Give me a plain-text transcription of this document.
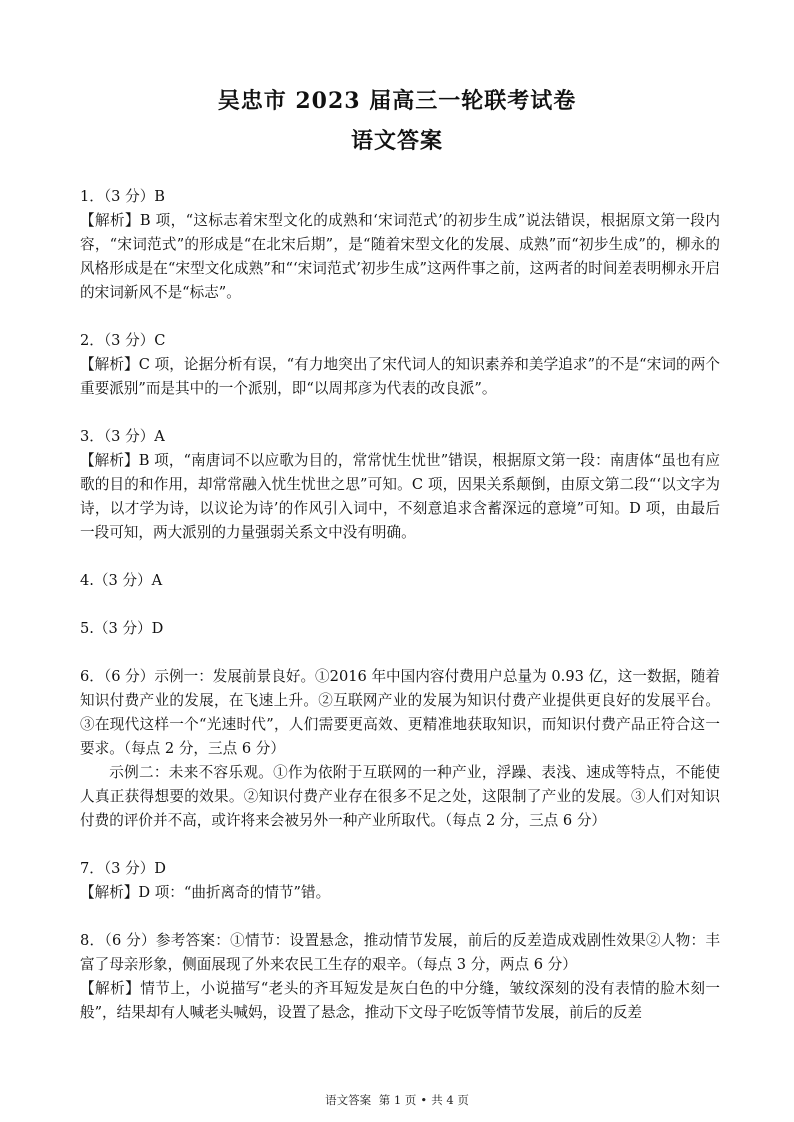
吴忠市 2023 届高三一轮联考试卷
语文答案

1．（3 分）B

【解析】B 项，“这标志着宋型文化的成熟和‘宋词范式’的初步生成”说法错误，根据原文第一段内容，“宋词范式”的形成是“在北宋后期”，是“随着宋型文化的发展、成熟”而“初步生成”的，柳永的风格形成是在“宋型文化成熟”和“‘宋词范式’初步生成”这两件事之前，这两者的时间差表明柳永开启的宋词新风不是“标志”。

2．（3 分）C

【解析】C 项，论据分析有误，“有力地突出了宋代词人的知识素养和美学追求”的不是“宋词的两个重要派别”而是其中的一个派别，即“以周邦彦为代表的改良派”。

3．（3 分）A

【解析】B 项，“南唐词不以应歌为目的，常常忧生忧世”错误，根据原文第一段：南唐体“虽也有应歌的目的和作用，却常常融入忧生忧世之思”可知。C 项，因果关系颠倒，由原文第二段“‘以文字为诗，以才学为诗，以议论为诗’的作风引入词中，不刻意追求含蓄深远的意境”可知。D 项，由最后一段可知，两大派别的力量强弱关系文中没有明确。

4.（3 分）A

5.（3 分）D

6．（6 分）示例一：发展前景良好。①2016 年中国内容付费用户总量为 0.93 亿，这一数据，随着知识付费产业的发展，在飞速上升。②互联网产业的发展为知识付费产业提供更良好的发展平台。③在现代这样一个“光速时代”，人们需要更高效、更精准地获取知识，而知识付费产品正符合这一要求。（每点 2 分，三点 6 分）

示例二：未来不容乐观。①作为依附于互联网的一种产业，浮躁、表浅、速成等特点，不能使人真正获得想要的效果。②知识付费产业存在很多不足之处，这限制了产业的发展。③人们对知识付费的评价并不高，或许将来会被另外一种产业所取代。（每点 2 分，三点 6 分）

7．（3 分）D

【解析】D 项：“曲折离奇的情节”错。

8．（6 分）参考答案：①情节：设置悬念，推动情节发展，前后的反差造成戏剧性效果②人物：丰富了母亲形象，侧面展现了外来农民工生存的艰辛。（每点 3 分，两点 6 分）

【解析】情节上，小说描写“老头的齐耳短发是灰白色的中分缝，皱纹深刻的没有表情的脸木刻一般”，结果却有人喊老头喊妈，设置了悬念，推动下文母子吃饭等情节发展，前后的反差

语文答案 第 1 页 • 共 4 页
